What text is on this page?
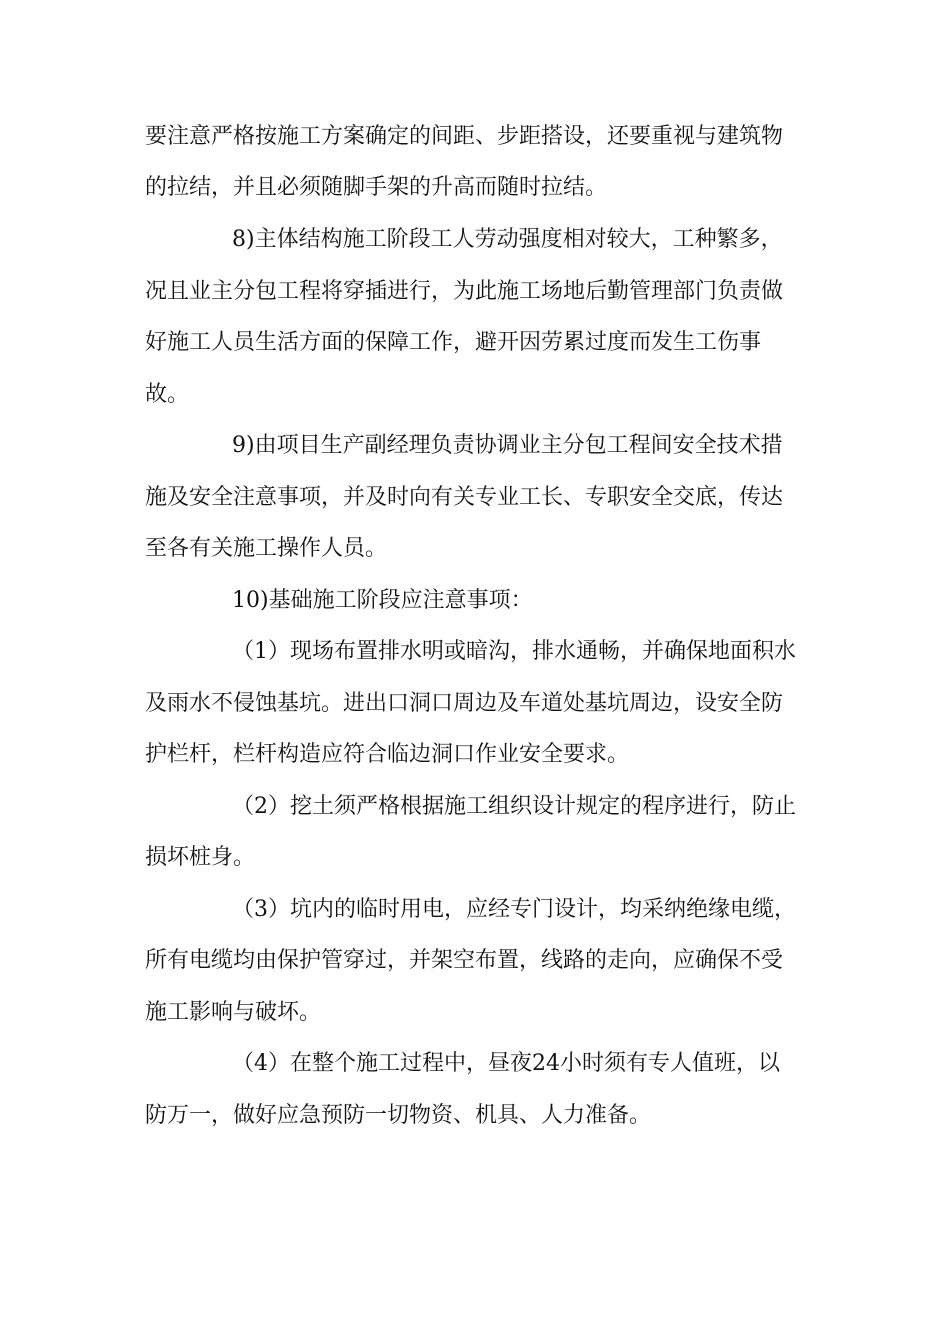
要注意严格按施工方案确定的间距、步距搭设，还要重视与建筑物
的拉结，并且必须随脚手架的升高而随时拉结。
8)主体结构施工阶段工人劳动强度相对较大，工种繁多，
况且业主分包工程将穿插进行，为此施工场地后勤管理部门负责做
好施工人员生活方面的保障工作，避开因劳累过度而发生工伤事
故。
9)由项目生产副经理负责协调业主分包工程间安全技术措
施及安全注意事项，并及时向有关专业工长、专职安全交底，传达
至各有关施工操作人员。
10)基础施工阶段应注意事项：
（1）现场布置排水明或暗沟，排水通畅，并确保地面积水
及雨水不侵蚀基坑。进出口洞口周边及车道处基坑周边，设安全防
护栏杆，栏杆构造应符合临边洞口作业安全要求。
（2）挖土须严格根据施工组织设计规定的程序进行，防止
损坏桩身。
（3）坑内的临时用电，应经专门设计，均采纳绝缘电缆，
所有电缆均由保护管穿过，并架空布置，线路的走向，应确保不受
施工影响与破坏。
（4）在整个施工过程中，昼夜24小时须有专人值班，以
防万一，做好应急预防一切物资、机具、人力准备。
